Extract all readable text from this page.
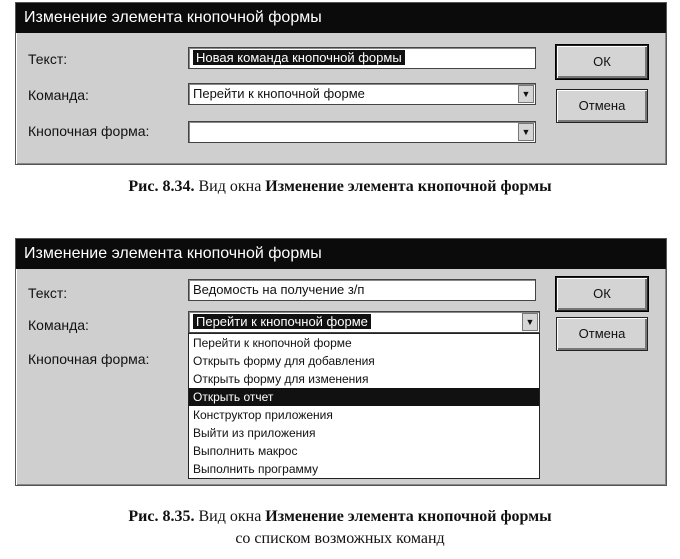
Изменение элемента кнопочной формы
Текст:	Новая команда кнопочной формы
Команда:	Перейти к кнопочной форме	▼
Кнопочная форма:	▼
ОК
Отмена
Рис. 8.34. Вид окна Изменение элемента кнопочной формы
Изменение элемента кнопочной формы
Текст:	Ведомость на получение з/п
Команда:	Перейти к кнопочной форме	▼
Кнопочная форма:
Перейти к кнопочной форме
Открыть форму для добавления
Открыть форму для изменения
Открыть отчет
Конструктор приложения
Выйти из приложения
Выполнить макрос
Выполнить программу
ОК
Отмена
Рис. 8.35. Вид окна Изменение элемента кнопочной формы
со списком возможных команд
